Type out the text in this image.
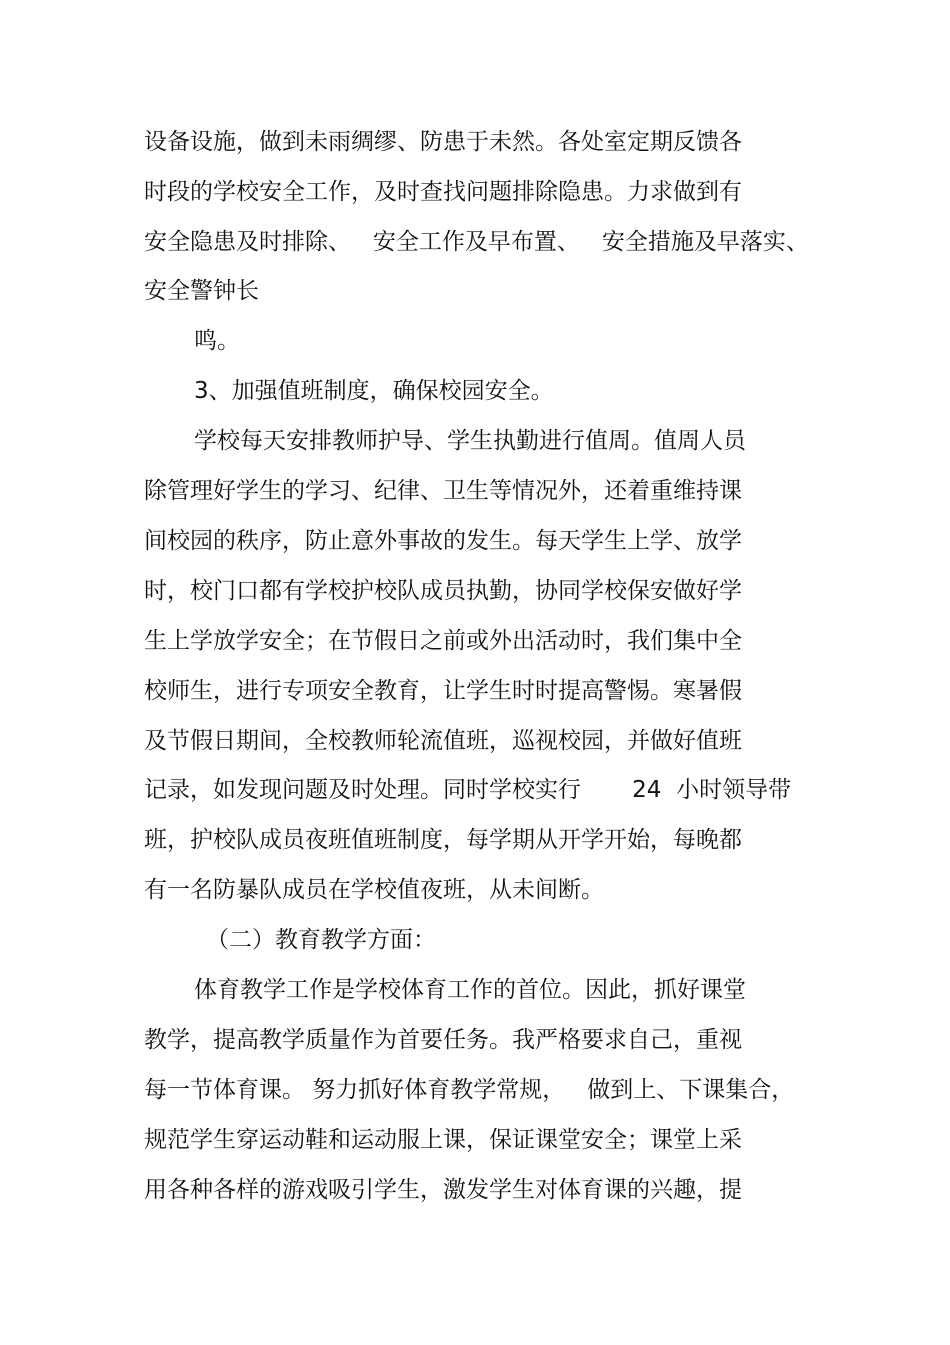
设备设施，做到未雨绸缪、防患于未然。各处室定期反馈各

时段的学校安全工作，及时查找问题排除隐患。力求做到有

安全隐患及时排除、   安全工作及早布置、   安全措施及早落实、

安全警钟长

鸣。

3、加强值班制度，确保校园安全。

学校每天安排教师护导、学生执勤进行值周。值周人员

除管理好学生的学习、纪律、卫生等情况外，还着重维持课

间校园的秩序，防止意外事故的发生。每天学生上学、放学

时，校门口都有学校护校队成员执勤，协同学校保安做好学

生上学放学安全；在节假日之前或外出活动时，我们集中全

校师生，进行专项安全教育，让学生时时提高警惕。寒暑假

及节假日期间，全校教师轮流值班，巡视校园，并做好值班

记录，如发现问题及时处理。同时学校实行       24  小时领导带

班，护校队成员夜班值班制度，每学期从开学开始，每晚都

有一名防暴队成员在学校值夜班，从未间断。

（二）教育教学方面：

体育教学工作是学校体育工作的首位。因此，抓好课堂

教学，提高教学质量作为首要任务。我严格要求自己，重视

每一节体育课。 努力抓好体育教学常规，   做到上、下课集合，

规范学生穿运动鞋和运动服上课，保证课堂安全；课堂上采

用各种各样的游戏吸引学生，激发学生对体育课的兴趣，提
